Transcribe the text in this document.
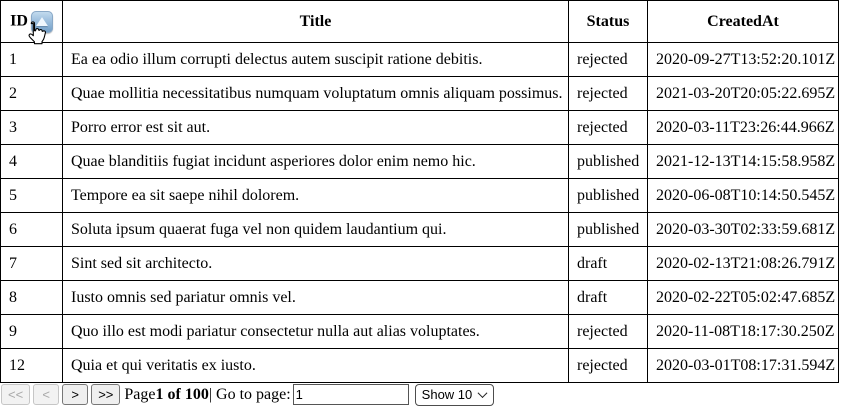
ID	Title	Status	CreatedAt
1	Ea ea odio illum corrupti delectus autem suscipit ratione debitis.	rejected	2020-09-27T13:52:20.101Z
2	Quae mollitia necessitatibus numquam voluptatum omnis aliquam possimus.	rejected	2021-03-20T20:05:22.695Z
3	Porro error est sit aut.	rejected	2020-03-11T23:26:44.966Z
4	Quae blanditiis fugiat incidunt asperiores dolor enim nemo hic.	published	2021-12-13T14:15:58.958Z
5	Tempore ea sit saepe nihil dolorem.	published	2020-06-08T10:14:50.545Z
6	Soluta ipsum quaerat fuga vel non quidem laudantium qui.	published	2020-03-30T02:33:59.681Z
7	Sint sed sit architecto.	draft	2020-02-13T21:08:26.791Z
8	Iusto omnis sed pariatur omnis vel.	draft	2020-02-22T05:02:47.685Z
9	Quo illo est modi pariatur consectetur nulla aut alias voluptates.	rejected	2020-11-08T18:17:30.250Z
12	Quia et qui veritatis ex iusto.	rejected	2020-03-01T08:17:31.594Z
<<	<	>	>> Page1 of 100| Go to page:
1	Show 10
